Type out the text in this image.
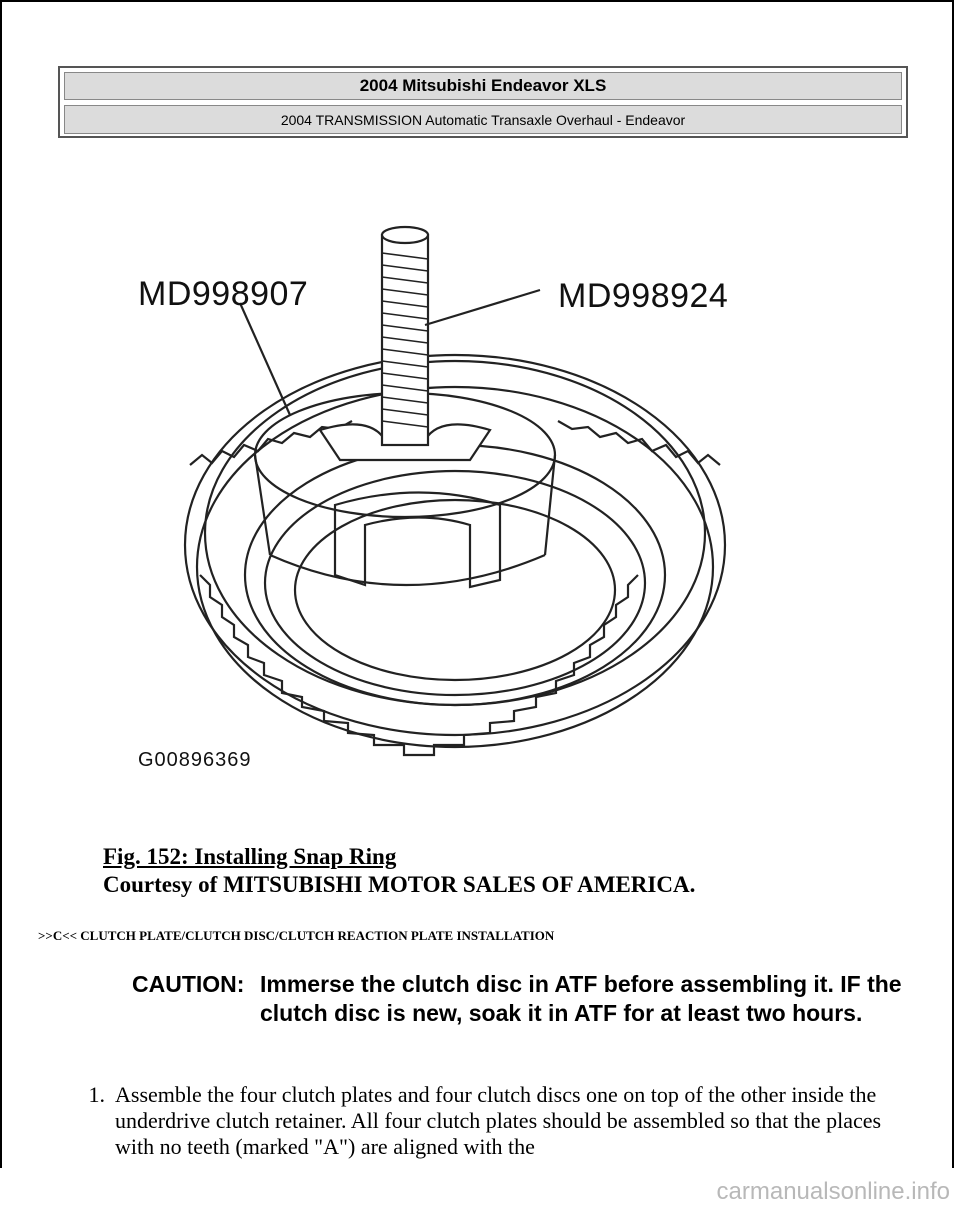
2004 Mitsubishi Endeavor XLS
2004 TRANSMISSION Automatic Transaxle Overhaul - Endeavor
MD998907	MD998924
G00896369
Fig. 152: Installing Snap Ring
Courtesy of MITSUBISHI MOTOR SALES OF AMERICA.
>>C<< CLUTCH PLATE/CLUTCH DISC/CLUTCH REACTION PLATE INSTALLATION
CAUTION: Immerse the clutch disc in ATF before assembling it. IF the clutch disc is new, soak it in ATF for at least two hours.
1. Assemble the four clutch plates and four clutch discs one on top of the other inside the underdrive clutch retainer. All four clutch plates should be assembled so that the places with no teeth (marked "A") are aligned with the
carmanualsonline.info
